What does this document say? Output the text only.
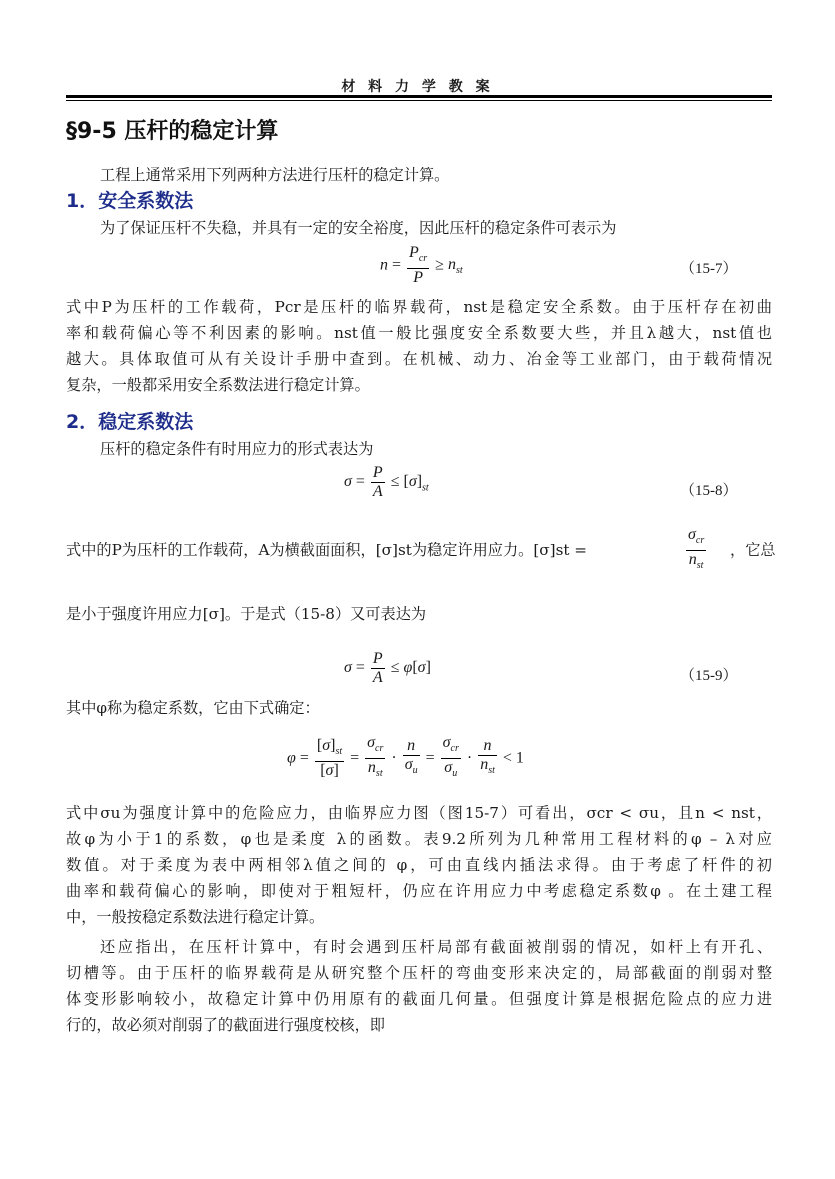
材 料 力 学 教 案
§9-5 压杆的稳定计算
工程上通常采用下列两种方法进行压杆的稳定计算。
1．安全系数法
为了保证压杆不失稳，并具有一定的安全裕度，因此压杆的稳定条件可表示为
$n = \frac{P_{cr}}{P} \ge n_{st}$	（15-7）
式中P为压杆的工作载荷，Pcr是压杆的临界载荷，nst是稳定安全系数。由于压杆存在初曲
率和载荷偏心等不利因素的影响。nst值一般比强度安全系数要大些，并且λ越大，nst值也
越大。具体取值可从有关设计手册中查到。在机械、动力、冶金等工业部门，由于载荷情况
复杂，一般都采用安全系数法进行稳定计算。
2．稳定系数法
压杆的稳定条件有时用应力的形式表达为
$\sigma = \frac{P}{A} \le [\sigma]_{st}$	（15-8）
式中的P为压杆的工作载荷，A为横截面面积，[σ]st为稳定许用应力。[σ]st =	$\frac{\sigma_{cr}}{n_{st}}$ ，它总
是小于强度许用应力[σ]。于是式（15-8）又可表达为
$\sigma = \frac{P}{A} \le \varphi[\sigma]$	（15-9）
其中φ称为稳定系数，它由下式确定：
$\varphi = \frac{[\sigma]_{st}}{[\sigma]} = \frac{\sigma_{cr}}{n_{st}} \cdot \frac{n}{\sigma_u} = \frac{\sigma_{cr}}{\sigma_u} \cdot \frac{n}{n_{st}} < 1$
式中σu为强度计算中的危险应力，由临界应力图（图15-7）可看出，σcr < σu，且n < nst，
故φ为小于1的系数，φ也是柔度 λ的函数。表9.2所列为几种常用工程材料的φ – λ对应
数值。对于柔度为表中两相邻λ值之间的 φ，可由直线内插法求得。由于考虑了杆件的初
曲率和载荷偏心的影响，即使对于粗短杆，仍应在许用应力中考虑稳定系数φ 。在土建工程
中，一般按稳定系数法进行稳定计算。
还应指出，在压杆计算中，有时会遇到压杆局部有截面被削弱的情况，如杆上有开孔、
切槽等。由于压杆的临界载荷是从研究整个压杆的弯曲变形来决定的，局部截面的削弱对整
体变形影响较小，故稳定计算中仍用原有的截面几何量。但强度计算是根据危险点的应力进
行的，故必须对削弱了的截面进行强度校核，即
